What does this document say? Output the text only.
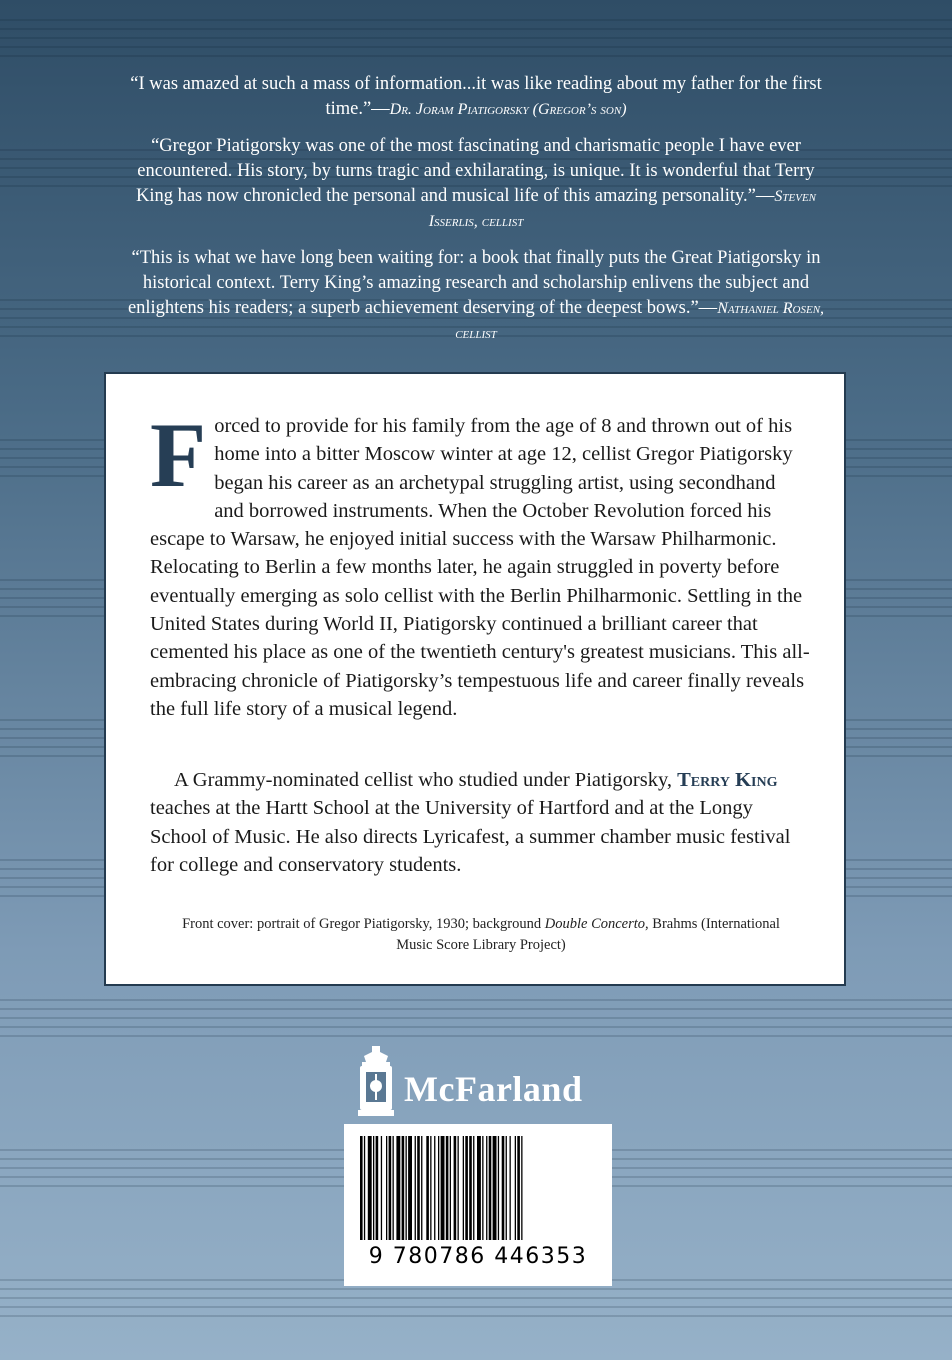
“I was amazed at such a mass of information...it was like reading about my father for the first time.”—Dr. Joram Piatigorsky (Gregor’s son)
“Gregor Piatigorsky was one of the most fascinating and charismatic people I have ever encountered. His story, by turns tragic and exhilarating, is unique. It is wonderful that Terry King has now chronicled the personal and musical life of this amazing personality.”—Steven Isserlis, cellist
“This is what we have long been waiting for: a book that finally puts the Great Piatigorsky in historical context. Terry King’s amazing research and scholarship enlivens the subject and enlightens his readers; a superb achievement deserving of the deepest bows.”—Nathaniel Rosen, cellist

Forced to provide for his family from the age of 8 and thrown out of his home into a bitter Moscow winter at age 12, cellist Gregor Piatigorsky began his career as an archetypal struggling artist, using secondhand and borrowed instruments. When the October Revolution forced his escape to Warsaw, he enjoyed initial success with the Warsaw Philharmonic. Relocating to Berlin a few months later, he again struggled in poverty before eventually emerging as solo cellist with the Berlin Philharmonic. Settling in the United States during World II, Piatigorsky continued a brilliant career that cemented his place as one of the twentieth century's greatest musicians. This all-embracing chronicle of Piatigorsky’s tempestuous life and career finally reveals the full life story of a musical legend.

A Grammy-nominated cellist who studied under Piatigorsky, Terry King teaches at the Hartt School at the University of Hartford and at the Longy School of Music. He also directs Lyricafest, a summer chamber music festival for college and conservatory students.

Front cover: portrait of Gregor Piatigorsky, 1930; background Double Concerto, Brahms (International Music Score Library Project)
McFarland
9 780786 446353
